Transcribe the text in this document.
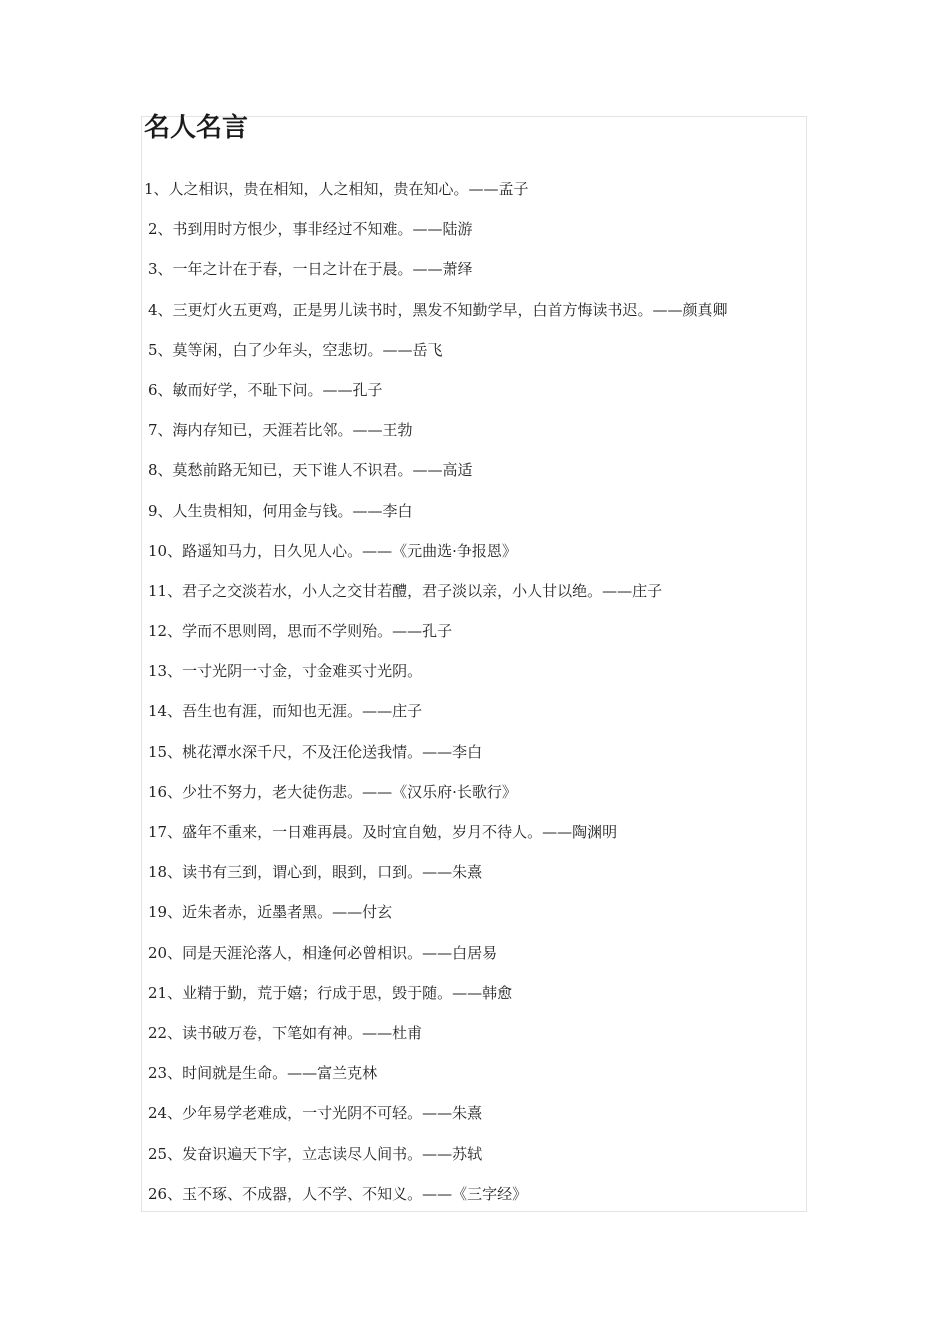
名人名言
1、人之相识，贵在相知，人之相知，贵在知心。——孟子
2、书到用时方恨少，事非经过不知难。——陆游
3、一年之计在于春，一日之计在于晨。——萧绎
4、三更灯火五更鸡，正是男儿读书时，黑发不知勤学早，白首方悔读书迟。——颜真卿
5、莫等闲，白了少年头，空悲切。——岳飞
6、敏而好学，不耻下问。——孔子
7、海内存知已，天涯若比邻。——王勃
8、莫愁前路无知已，天下谁人不识君。——高适
9、人生贵相知，何用金与钱。——李白
10、路遥知马力，日久见人心。——《元曲选·争报恩》
11、君子之交淡若水，小人之交甘若醴，君子淡以亲，小人甘以绝。——庄子
12、学而不思则罔，思而不学则殆。——孔子
13、一寸光阴一寸金，寸金难买寸光阴。
14、吾生也有涯，而知也无涯。——庄子
15、桃花潭水深千尺，不及汪伦送我情。——李白
16、少壮不努力，老大徒伤悲。——《汉乐府·长歌行》
17、盛年不重来，一日难再晨。及时宜自勉，岁月不待人。——陶渊明
18、读书有三到，谓心到，眼到，口到。——朱熹
19、近朱者赤，近墨者黑。——付玄
20、同是天涯沦落人，相逢何必曾相识。——白居易
21、业精于勤，荒于嬉；行成于思，毁于随。——韩愈
22、读书破万卷，下笔如有神。——杜甫
23、时间就是生命。——富兰克林
24、少年易学老难成，一寸光阴不可轻。——朱熹
25、发奋识遍天下字，立志读尽人间书。——苏轼
26、玉不琢、不成器，人不学、不知义。——《三字经》
